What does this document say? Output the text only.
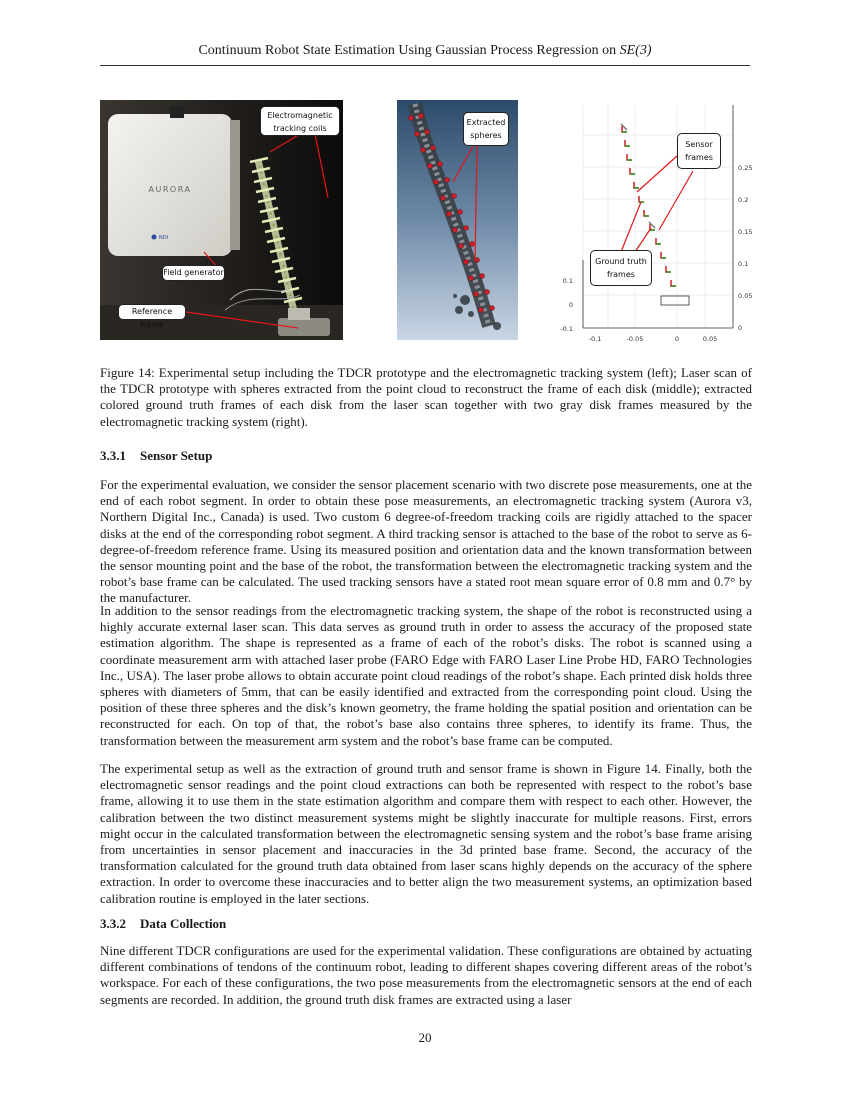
Continuum Robot State Estimation Using Gaussian Process Regression on SE(3)
AURORA
NDI
Electromagnetic tracking coils
Field generator
Reference frame
Extracted spheres
-0.1	-0.05	0	0.05
0.1
0
-0.1
0.25
0.2
0.15
0.1
0.05
0
Sensor frames
Ground truth frames

Figure 14: Experimental setup including the TDCR prototype and the electromagnetic tracking system (left); Laser scan of the TDCR prototype with spheres extracted from the point cloud to reconstruct the frame of each disk (middle); extracted colored ground truth frames of each disk from the laser scan together with two gray disk frames measured by the electromagnetic tracking system (right).

3.3.1 Sensor Setup

For the experimental evaluation, we consider the sensor placement scenario with two discrete pose measurements, one at the end of each robot segment. In order to obtain these pose measurements, an electromagnetic tracking system (Aurora v3, Northern Digital Inc., Canada) is used. Two custom 6 degree-of-freedom tracking coils are rigidly attached to the spacer disks at the end of the corresponding robot segment. A third tracking sensor is attached to the base of the robot to serve as 6-degree-of-freedom reference frame. Using its measured position and orientation data and the known transformation between the sensor mounting point and the base of the robot, the transformation between the electromagnetic tracking system and the robot’s base frame can be calculated. The used tracking sensors have a stated root mean square error of 0.8 mm and 0.7° by the manufacturer.

In addition to the sensor readings from the electromagnetic tracking system, the shape of the robot is reconstructed using a highly accurate external laser scan. This data serves as ground truth in order to assess the accuracy of the proposed state estimation algorithm. The shape is represented as a frame of each of the robot’s disks. The robot is scanned using a coordinate measurement arm with attached laser probe (FARO Edge with FARO Laser Line Probe HD, FARO Technologies Inc., USA). The laser probe allows to obtain accurate point cloud readings of the robot’s shape. Each printed disk holds three spheres with diameters of 5mm, that can be easily identified and extracted from the corresponding point cloud. Using the position of these three spheres and the disk’s known geometry, the frame holding the spatial position and orientation can be reconstructed for each. On top of that, the robot’s base also contains three spheres, to identify its frame. Thus, the transformation between the measurement arm system and the robot’s base frame can be computed.

The experimental setup as well as the extraction of ground truth and sensor frame is shown in Figure 14. Finally, both the electromagnetic sensor readings and the point cloud extractions can both be represented with respect to the robot’s base frame, allowing it to use them in the state estimation algorithm and compare them with respect to each other. However, the calibration between the two distinct measurement systems might be slightly inaccurate for multiple reasons. First, errors might occur in the calculated transformation between the electromagnetic sensing system and the robot’s base frame arising from uncertainties in sensor placement and inaccuracies in the 3d printed base frame. Second, the accuracy of the transformation calculated for the ground truth data obtained from laser scans highly depends on the accuracy of the sphere extraction. In order to overcome these inaccuracies and to better align the two measurement systems, an optimization based calibration routine is employed in the later sections.

3.3.2 Data Collection

Nine different TDCR configurations are used for the experimental validation. These configurations are obtained by actuating different combinations of tendons of the continuum robot, leading to different shapes covering different areas of the robot’s workspace. For each of these configurations, the two pose measurements from the electromagnetic sensors at the end of each segments are recorded. In addition, the ground truth disk frames are extracted using a laser

20
